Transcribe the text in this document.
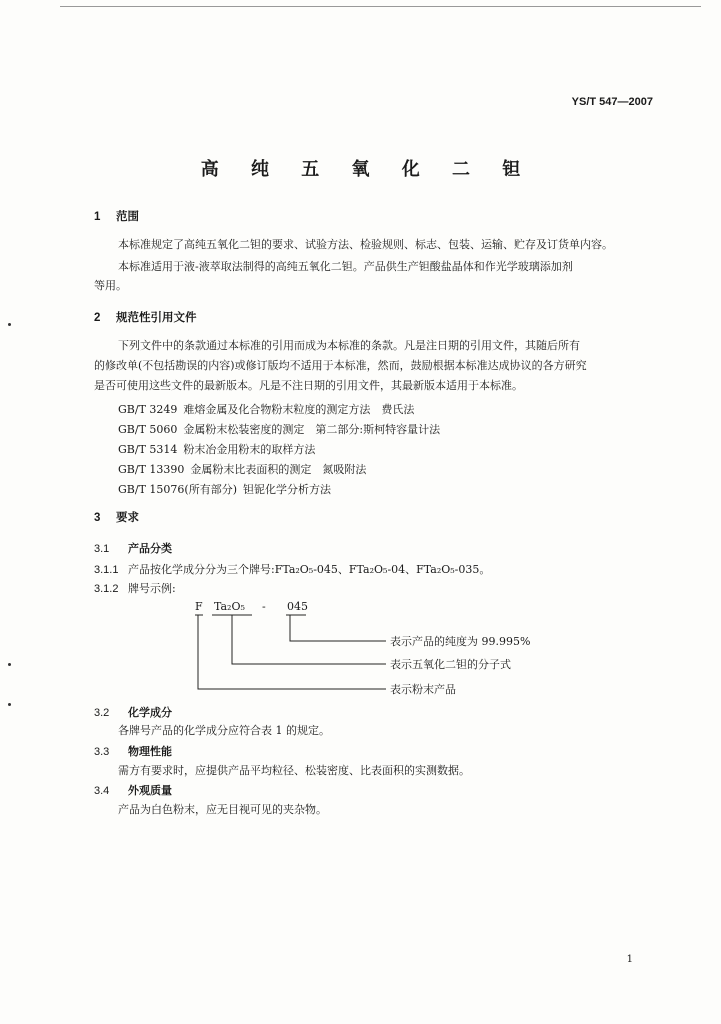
YS/T 547—2007
高 纯 五 氧 化 二 钽
1 范围
本标准规定了高纯五氧化二钽的要求、试验方法、检验规则、标志、包装、运输、贮存及订货单内容。
本标准适用于液-液萃取法制得的高纯五氧化二钽。产品供生产钽酸盐晶体和作光学玻璃添加剂
等用。
2 规范性引用文件
下列文件中的条款通过本标准的引用而成为本标准的条款。凡是注日期的引用文件，其随后所有
的修改单(不包括勘误的内容)或修订版均不适用于本标准，然而，鼓励根据本标准达成协议的各方研究
是否可使用这些文件的最新版本。凡是不注日期的引用文件，其最新版本适用于本标准。
GB/T 3249 难熔金属及化合物粉末粒度的测定方法　费氏法
GB/T 5060 金属粉末松装密度的测定　第二部分:斯柯特容量计法
GB/T 5314 粉末冶金用粉末的取样方法
GB/T 13390 金属粉末比表面积的测定　氮吸附法
GB/T 15076(所有部分) 钽铌化学分析方法
3 要求
3.1 产品分类
3.1.1 产品按化学成分分为三个牌号:FTa₂O₅-045、FTa₂O₅-04、FTa₂O₅-035。
3.1.2 牌号示例:
F Ta₂O₅ - 045
表示产品的纯度为 99.995%
表示五氧化二钽的分子式
表示粉末产品
3.2 化学成分
各牌号产品的化学成分应符合表 1 的规定。
3.3 物理性能
需方有要求时，应提供产品平均粒径、松装密度、比表面积的实测数据。
3.4 外观质量
产品为白色粉末，应无目视可见的夹杂物。
1
